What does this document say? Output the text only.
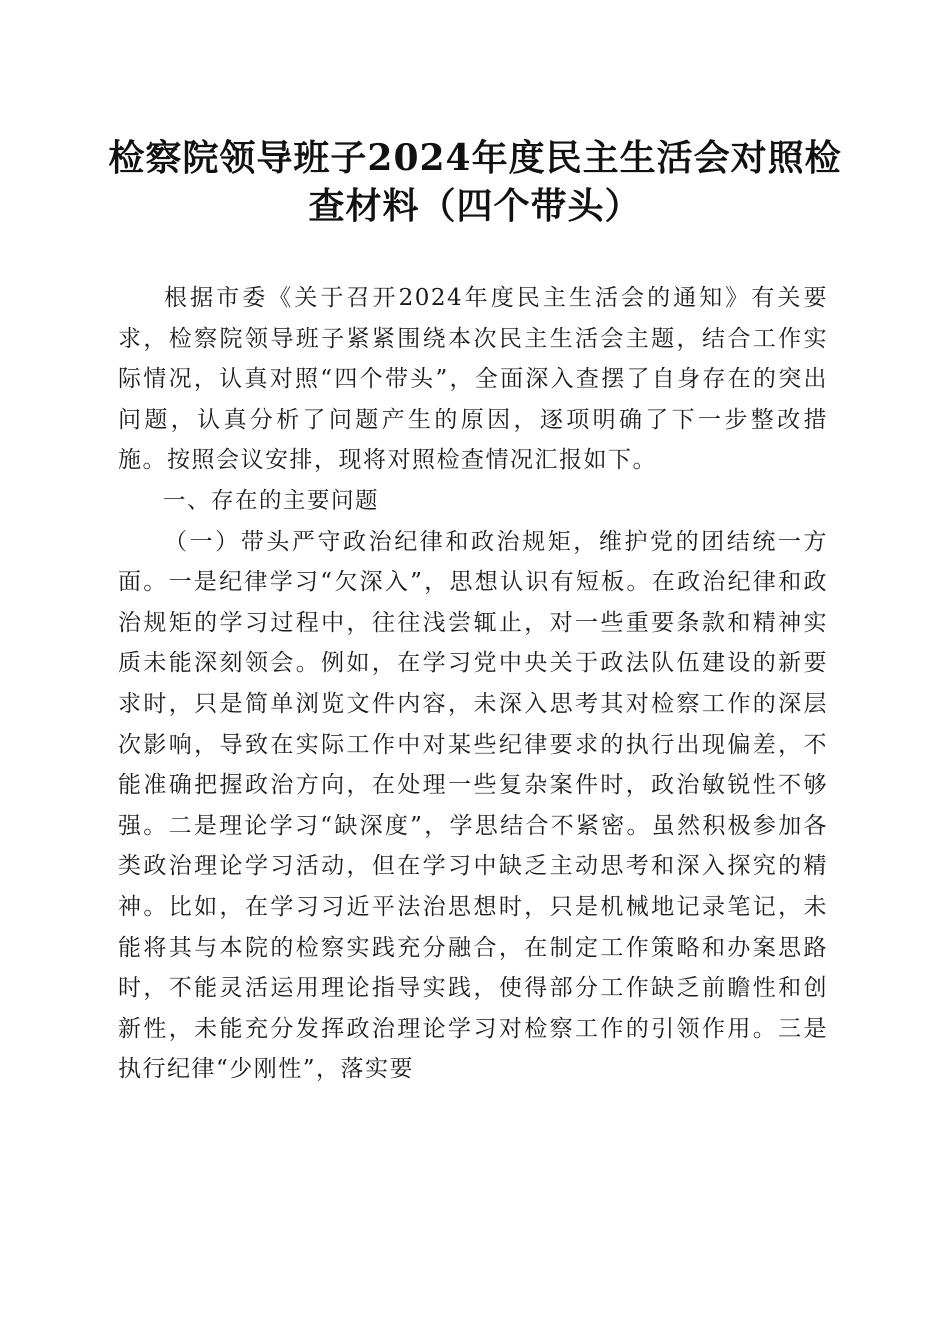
检察院领导班子2024年度民主生活会对照检
查材料（四个带头）

根据市委《关于召开2024年度民主生活会的通知》有关要求，检察院领导班子紧紧围绕本次民主生活会主题，结合工作实际情况，认真对照“四个带头”，全面深入查摆了自身存在的突出问题，认真分析了问题产生的原因，逐项明确了下一步整改措施。按照会议安排，现将对照检查情况汇报如下。

一、存在的主要问题

（一）带头严守政治纪律和政治规矩，维护党的团结统一方面。一是纪律学习“欠深入”，思想认识有短板。在政治纪律和政治规矩的学习过程中，往往浅尝辄止，对一些重要条款和精神实质未能深刻领会。例如，在学习党中央关于政法队伍建设的新要求时，只是简单浏览文件内容，未深入思考其对检察工作的深层次影响，导致在实际工作中对某些纪律要求的执行出现偏差，不能准确把握政治方向，在处理一些复杂案件时，政治敏锐性不够强。二是理论学习“缺深度”，学思结合不紧密。虽然积极参加各类政治理论学习活动，但在学习中缺乏主动思考和深入探究的精神。比如，在学习习近平法治思想时，只是机械地记录笔记，未能将其与本院的检察实践充分融合，在制定工作策略和办案思路时，不能灵活运用理论指导实践，使得部分工作缺乏前瞻性和创新性，未能充分发挥政治理论学习对检察工作的引领作用。三是执行纪律“少刚性”，落实要
